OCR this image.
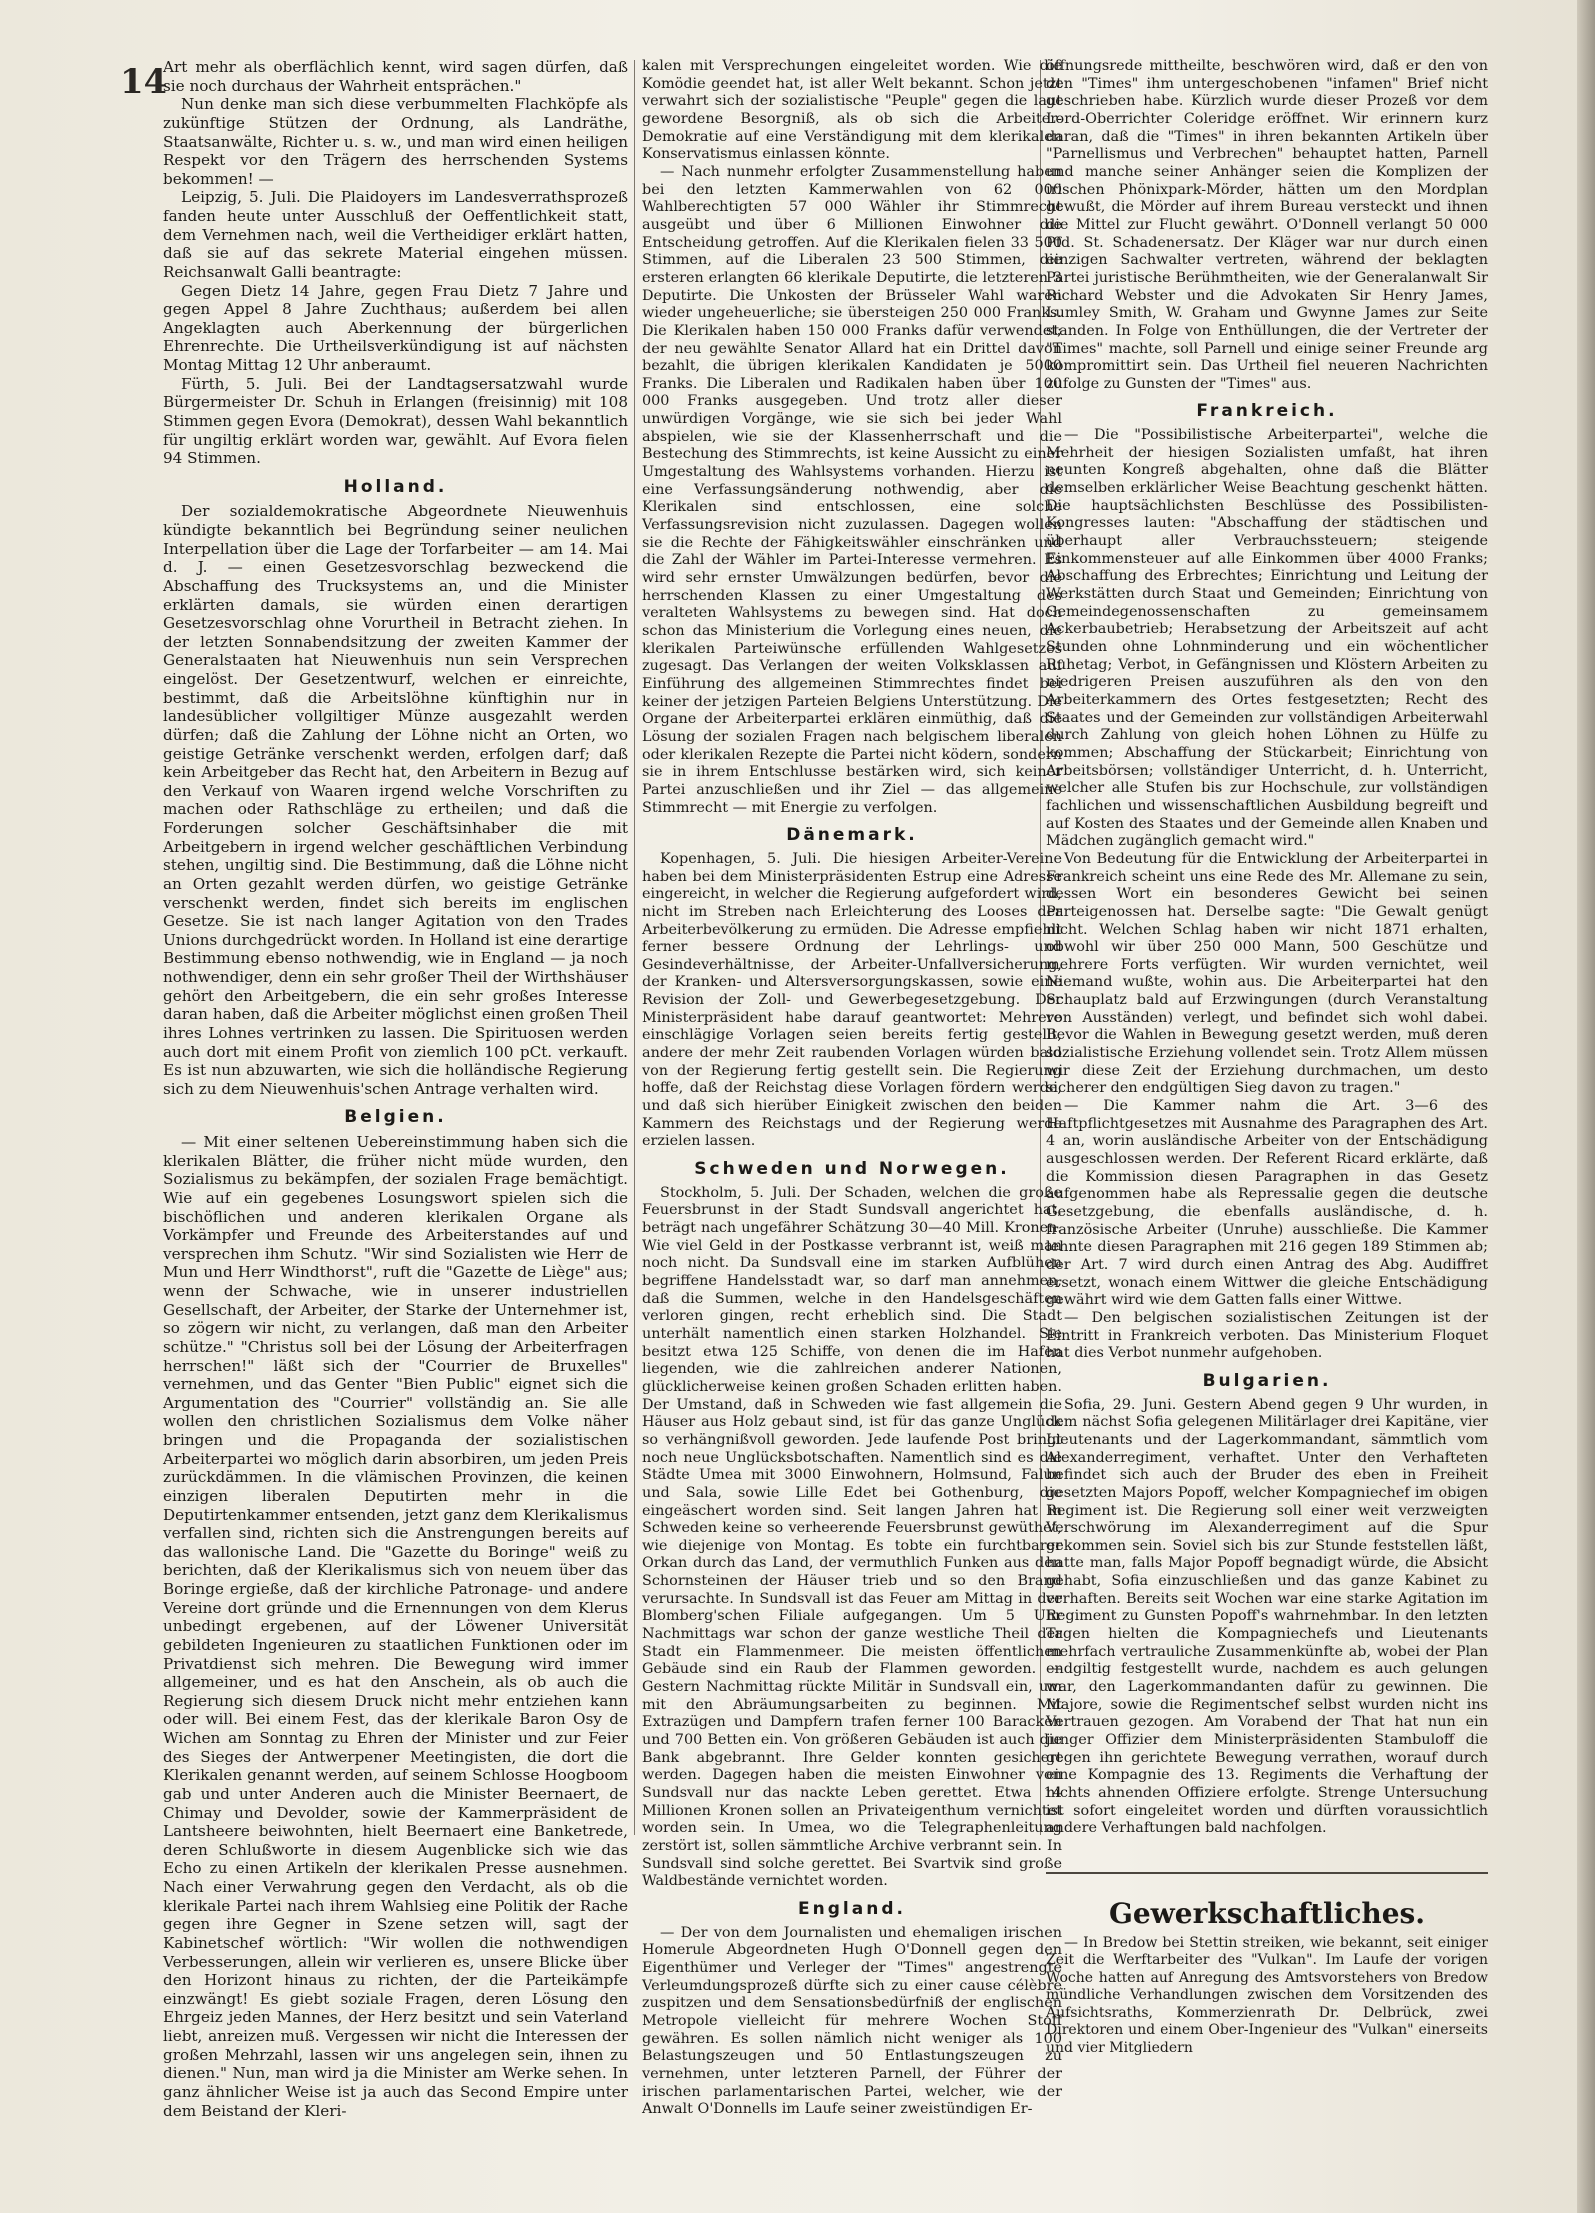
14

Art mehr als oberflächlich kennt, wird sagen dürfen, daß sie noch durchaus der Wahrheit entsprächen."

Nun denke man sich diese verbummelten Flachköpfe als zukünftige Stützen der Ordnung, als Landräthe, Staatsanwälte, Richter u. s. w., und man wird einen heiligen Respekt vor den Trägern des herrschenden Systems bekommen! —

Leipzig, 5. Juli. Die Plaidoyers im Landesverrathsprozeß fanden heute unter Ausschluß der Oeffentlichkeit statt, dem Vernehmen nach, weil die Vertheidiger erklärt hatten, daß sie auf das sekrete Material eingehen müssen. Reichsanwalt Galli beantragte:

Gegen Dietz 14 Jahre, gegen Frau Dietz 7 Jahre und gegen Appel 8 Jahre Zuchthaus; außerdem bei allen Angeklagten auch Aberkennung der bürgerlichen Ehrenrechte. Die Urtheilsverkündigung ist auf nächsten Montag Mittag 12 Uhr anberaumt.

Fürth, 5. Juli. Bei der Landtagsersatzwahl wurde Bürgermeister Dr. Schuh in Erlangen (freisinnig) mit 108 Stimmen gegen Evora (Demokrat), dessen Wahl bekanntlich für ungiltig erklärt worden war, gewählt. Auf Evora fielen 94 Stimmen.

Holland.

Der sozialdemokratische Abgeordnete Nieuwenhuis kündigte bekanntlich bei Begründung seiner neulichen Interpellation über die Lage der Torfarbeiter — am 14. Mai d. J. — einen Gesetzesvorschlag bezweckend die Abschaffung des Trucksystems an, und die Minister erklärten damals, sie würden einen derartigen Gesetzesvorschlag ohne Vorurtheil in Betracht ziehen. In der letzten Sonnabendsitzung der zweiten Kammer der Generalstaaten hat Nieuwenhuis nun sein Versprechen eingelöst. Der Gesetzentwurf, welchen er einreichte, bestimmt, daß die Arbeitslöhne künftighin nur in landesüblicher vollgiltiger Münze ausgezahlt werden dürfen; daß die Zahlung der Löhne nicht an Orten, wo geistige Getränke verschenkt werden, erfolgen darf; daß kein Arbeitgeber das Recht hat, den Arbeitern in Bezug auf den Verkauf von Waaren irgend welche Vorschriften zu machen oder Rathschläge zu ertheilen; und daß die Forderungen solcher Geschäftsinhaber die mit Arbeitgebern in irgend welcher geschäftlichen Verbindung stehen, ungiltig sind. Die Bestimmung, daß die Löhne nicht an Orten gezahlt werden dürfen, wo geistige Getränke verschenkt werden, findet sich bereits im englischen Gesetze. Sie ist nach langer Agitation von den Trades Unions durchgedrückt worden. In Holland ist eine derartige Bestimmung ebenso nothwendig, wie in England — ja noch nothwendiger, denn ein sehr großer Theil der Wirthshäuser gehört den Arbeitgebern, die ein sehr großes Interesse daran haben, daß die Arbeiter möglichst einen großen Theil ihres Lohnes vertrinken zu lassen. Die Spirituosen werden auch dort mit einem Profit von ziemlich 100 pCt. verkauft. Es ist nun abzuwarten, wie sich die holländische Regierung sich zu dem Nieuwenhuis'schen Antrage verhalten wird.

Belgien.

— Mit einer seltenen Uebereinstimmung haben sich die klerikalen Blätter, die früher nicht müde wurden, den Sozialismus zu bekämpfen, der sozialen Frage bemächtigt. Wie auf ein gegebenes Losungswort spielen sich die bischöflichen und anderen klerikalen Organe als Vorkämpfer und Freunde des Arbeiterstandes auf und versprechen ihm Schutz. "Wir sind Sozialisten wie Herr de Mun und Herr Windthorst", ruft die "Gazette de Liège" aus; wenn der Schwache, wie in unserer industriellen Gesellschaft, der Arbeiter, der Starke der Unternehmer ist, so zögern wir nicht, zu verlangen, daß man den Arbeiter schütze." "Christus soll bei der Lösung der Arbeiterfragen herrschen!" läßt sich der "Courrier de Bruxelles" vernehmen, und das Genter "Bien Public" eignet sich die Argumentation des "Courrier" vollständig an. Sie alle wollen den christlichen Sozialismus dem Volke näher bringen und die Propaganda der sozialistischen Arbeiterpartei wo möglich darin absorbiren, um jeden Preis zurückdämmen. In die vlämischen Provinzen, die keinen einzigen liberalen Deputirten mehr in die Deputirtenkammer entsenden, jetzt ganz dem Klerikalismus verfallen sind, richten sich die Anstrengungen bereits auf das wallonische Land. Die "Gazette du Boringe" weiß zu berichten, daß der Klerikalismus sich von neuem über das Boringe ergieße, daß der kirchliche Patronage- und andere Vereine dort gründe und die Ernennungen von dem Klerus unbedingt ergebenen, auf der Löwener Universität gebildeten Ingenieuren zu staatlichen Funktionen oder im Privatdienst sich mehren. Die Bewegung wird immer allgemeiner, und es hat den Anschein, als ob auch die Regierung sich diesem Druck nicht mehr entziehen kann oder will. Bei einem Fest, das der klerikale Baron Osy de Wichen am Sonntag zu Ehren der Minister und zur Feier des Sieges der Antwerpener Meetingisten, die dort die Klerikalen genannt werden, auf seinem Schlosse Hoogboom gab und unter Anderen auch die Minister Beernaert, de Chimay und Devolder, sowie der Kammerpräsident de Lantsheere beiwohnten, hielt Beernaert eine Banketrede, deren Schlußworte in diesem Augenblicke sich wie das Echo zu einen Artikeln der klerikalen Presse ausnehmen. Nach einer Verwahrung gegen den Verdacht, als ob die klerikale Partei nach ihrem Wahlsieg eine Politik der Rache gegen ihre Gegner in Szene setzen will, sagt der Kabinetschef wörtlich: "Wir wollen die nothwendigen Verbesserungen, allein wir verlieren es, unsere Blicke über den Horizont hinaus zu richten, der die Parteikämpfe einzwängt! Es giebt soziale Fragen, deren Lösung den Ehrgeiz jeden Mannes, der Herz besitzt und sein Vaterland liebt, anreizen muß. Vergessen wir nicht die Interessen der großen Mehrzahl, lassen wir uns angelegen sein, ihnen zu dienen." Nun, man wird ja die Minister am Werke sehen. In ganz ähnlicher Weise ist ja auch das Second Empire unter dem Beistand der Kleri-

kalen mit Versprechungen eingeleitet worden. Wie die Komödie geendet hat, ist aller Welt bekannt. Schon jetzt verwahrt sich der sozialistische "Peuple" gegen die laut gewordene Besorgniß, als ob sich die Arbeiter-Demokratie auf eine Verständigung mit dem klerikalen Konservatismus einlassen könnte.

— Nach nunmehr erfolgter Zusammenstellung haben bei den letzten Kammerwahlen von 62 000 Wahlberechtigten 57 000 Wähler ihr Stimmrecht ausgeübt und über 6 Millionen Einwohner die Entscheidung getroffen. Auf die Klerikalen fielen 33 500 Stimmen, auf die Liberalen 23 500 Stimmen, die ersteren erlangten 66 klerikale Deputirte, die letzteren 3 Deputirte. Die Unkosten der Brüsseler Wahl waren wieder ungeheuerliche; sie übersteigen 250 000 Franks. Die Klerikalen haben 150 000 Franks dafür verwendet; der neu gewählte Senator Allard hat ein Drittel davon bezahlt, die übrigen klerikalen Kandidaten je 5000 Franks. Die Liberalen und Radikalen haben über 100 000 Franks ausgegeben. Und trotz aller dieser unwürdigen Vorgänge, wie sie sich bei jeder Wahl abspielen, wie sie der Klassenherrschaft und die Bestechung des Stimmrechts, ist keine Aussicht zu einer Umgestaltung des Wahlsystems vorhanden. Hierzu ist eine Verfassungsänderung nothwendig, aber die Klerikalen sind entschlossen, eine solche Verfassungsrevision nicht zuzulassen. Dagegen wollen sie die Rechte der Fähigkeitswähler einschränken und die Zahl der Wähler im Partei-Interesse vermehren. Es wird sehr ernster Umwälzungen bedürfen, bevor die herrschenden Klassen zu einer Umgestaltung des veralteten Wahlsystems zu bewegen sind. Hat doch schon das Ministerium die Vorlegung eines neuen, die klerikalen Parteiwünsche erfüllenden Wahlgesetzes zugesagt. Das Verlangen der weiten Volksklassen auf Einführung des allgemeinen Stimmrechtes findet bei keiner der jetzigen Parteien Belgiens Unterstützung. Die Organe der Arbeiterpartei erklären einmüthig, daß die Lösung der sozialen Fragen nach belgischem liberalen oder klerikalen Rezepte die Partei nicht ködern, sondern sie in ihrem Entschlusse bestärken wird, sich keiner Partei anzuschließen und ihr Ziel — das allgemeine Stimmrecht — mit Energie zu verfolgen.

Dänemark.

Kopenhagen, 5. Juli. Die hiesigen Arbeiter-Vereine haben bei dem Ministerpräsidenten Estrup eine Adresse eingereicht, in welcher die Regierung aufgefordert wird, nicht im Streben nach Erleichterung des Looses der Arbeiterbevölkerung zu ermüden. Die Adresse empfiehlt ferner bessere Ordnung der Lehrlings- und Gesindeverhältnisse, der Arbeiter-Unfallversicherung, der Kranken- und Altersversorgungskassen, sowie eine Revision der Zoll- und Gewerbegesetzgebung. Der Ministerpräsident habe darauf geantwortet: Mehrere einschlägige Vorlagen seien bereits fertig gestellt, andere der mehr Zeit raubenden Vorlagen würden bald von der Regierung fertig gestellt sein. Die Regierung hoffe, daß der Reichstag diese Vorlagen fördern werde, und daß sich hierüber Einigkeit zwischen den beiden Kammern des Reichstags und der Regierung werde erzielen lassen.

Schweden und Norwegen.

Stockholm, 5. Juli. Der Schaden, welchen die große Feuersbrunst in der Stadt Sundsvall angerichtet hat, beträgt nach ungefährer Schätzung 30—40 Mill. Kronen. Wie viel Geld in der Postkasse verbrannt ist, weiß man noch nicht. Da Sundsvall eine im starken Aufblühen begriffene Handelsstadt war, so darf man annehmen, daß die Summen, welche in den Handelsgeschäften verloren gingen, recht erheblich sind. Die Stadt unterhält namentlich einen starken Holzhandel. Sie besitzt etwa 125 Schiffe, von denen die im Hafen liegenden, wie die zahlreichen anderer Nationen, glücklicherweise keinen großen Schaden erlitten haben. Der Umstand, daß in Schweden wie fast allgemein die Häuser aus Holz gebaut sind, ist für das ganze Unglück so verhängnißvoll geworden. Jede laufende Post bringt noch neue Unglücksbotschaften. Namentlich sind es die Städte Umea mit 3000 Einwohnern, Holmsund, Falun und Sala, sowie Lille Edet bei Gothenburg, die eingeäschert worden sind. Seit langen Jahren hat in Schweden keine so verheerende Feuersbrunst gewüthet, wie diejenige von Montag. Es tobte ein furchtbarer Orkan durch das Land, der vermuthlich Funken aus den Schornsteinen der Häuser trieb und so den Brand verursachte. In Sundsvall ist das Feuer am Mittag in der Blomberg'schen Filiale aufgegangen. Um 5 Uhr Nachmittags war schon der ganze westliche Theil der Stadt ein Flammenmeer. Die meisten öffentlichen Gebäude sind ein Raub der Flammen geworden. — Gestern Nachmittag rückte Militär in Sundsvall ein, um mit den Abräumungsarbeiten zu beginnen. Mit Extrazügen und Dampfern trafen ferner 100 Baracken und 700 Betten ein. Von größeren Gebäuden ist auch die Bank abgebrannt. Ihre Gelder konnten gesichert werden. Dagegen haben die meisten Einwohner von Sundsvall nur das nackte Leben gerettet. Etwa 14 Millionen Kronen sollen an Privateigenthum vernichtet worden sein. In Umea, wo die Telegraphenleitung zerstört ist, sollen sämmtliche Archive verbrannt sein. In Sundsvall sind solche gerettet. Bei Svartvik sind große Waldbestände vernichtet worden.

England.

— Der von dem Journalisten und ehemaligen irischen Homerule Abgeordneten Hugh O'Donnell gegen den Eigenthümer und Verleger der "Times" angestrengte Verleumdungsprozeß dürfte sich zu einer cause célèbre zuspitzen und dem Sensationsbedürfniß der englischen Metropole vielleicht für mehrere Wochen Stoff gewähren. Es sollen nämlich nicht weniger als 100 Belastungszeugen und 50 Entlastungszeugen zu vernehmen, unter letzteren Parnell, der Führer der irischen parlamentarischen Partei, welcher, wie der Anwalt O'Donnells im Laufe seiner zweistündigen Er-

öffnungsrede mittheilte, beschwören wird, daß er den von den "Times" ihm untergeschobenen "infamen" Brief nicht geschrieben habe. Kürzlich wurde dieser Prozeß vor dem Lord-Oberrichter Coleridge eröffnet. Wir erinnern kurz daran, daß die "Times" in ihren bekannten Artikeln über "Parnellismus und Verbrechen" behauptet hatten, Parnell und manche seiner Anhänger seien die Komplizen der irischen Phönixpark-Mörder, hätten um den Mordplan gewußt, die Mörder auf ihrem Bureau versteckt und ihnen die Mittel zur Flucht gewährt. O'Donnell verlangt 50 000 Pfd. St. Schadenersatz. Der Kläger war nur durch einen einzigen Sachwalter vertreten, während der beklagten Partei juristische Berühmtheiten, wie der Generalanwalt Sir Richard Webster und die Advokaten Sir Henry James, Lumley Smith, W. Graham und Gwynne James zur Seite standen. In Folge von Enthüllungen, die der Vertreter der "Times" machte, soll Parnell und einige seiner Freunde arg kompromittirt sein. Das Urtheil fiel neueren Nachrichten zufolge zu Gunsten der "Times" aus.

Frankreich.

— Die "Possibilistische Arbeiterpartei", welche die Mehrheit der hiesigen Sozialisten umfaßt, hat ihren neunten Kongreß abgehalten, ohne daß die Blätter demselben erklärlicher Weise Beachtung geschenkt hätten. Die hauptsächlichsten Beschlüsse des Possibilisten-Kongresses lauten: "Abschaffung der städtischen und überhaupt aller Verbrauchssteuern; steigende Einkommensteuer auf alle Einkommen über 4000 Franks; Abschaffung des Erbrechtes; Einrichtung und Leitung der Werkstätten durch Staat und Gemeinden; Einrichtung von Gemeindegenossenschaften zu gemeinsamem Ackerbaubetrieb; Herabsetzung der Arbeitszeit auf acht Stunden ohne Lohnminderung und ein wöchentlicher Ruhetag; Verbot, in Gefängnissen und Klöstern Arbeiten zu niedrigeren Preisen auszuführen als den von den Arbeiterkammern des Ortes festgesetzten; Recht des Staates und der Gemeinden zur vollständigen Arbeiterwahl durch Zahlung von gleich hohen Löhnen zu Hülfe zu kommen; Abschaffung der Stückarbeit; Einrichtung von Arbeitsbörsen; vollständiger Unterricht, d. h. Unterricht, welcher alle Stufen bis zur Hochschule, zur vollständigen fachlichen und wissenschaftlichen Ausbildung begreift und auf Kosten des Staates und der Gemeinde allen Knaben und Mädchen zugänglich gemacht wird."

Von Bedeutung für die Entwicklung der Arbeiterpartei in Frankreich scheint uns eine Rede des Mr. Allemane zu sein, dessen Wort ein besonderes Gewicht bei seinen Parteigenossen hat. Derselbe sagte: "Die Gewalt genügt nicht. Welchen Schlag haben wir nicht 1871 erhalten, obwohl wir über 250 000 Mann, 500 Geschütze und mehrere Forts verfügten. Wir wurden vernichtet, weil Niemand wußte, wohin aus. Die Arbeiterpartei hat den Schauplatz bald auf Erzwingungen (durch Veranstaltung von Ausständen) verlegt, und befindet sich wohl dabei. Bevor die Wahlen in Bewegung gesetzt werden, muß deren sozialistische Erziehung vollendet sein. Trotz Allem müssen wir diese Zeit der Erziehung durchmachen, um desto sicherer den endgültigen Sieg davon zu tragen."

— Die Kammer nahm die Art. 3—6 des Haftpflichtgesetzes mit Ausnahme des Paragraphen des Art. 4 an, worin ausländische Arbeiter von der Entschädigung ausgeschlossen werden. Der Referent Ricard erklärte, daß die Kommission diesen Paragraphen in das Gesetz aufgenommen habe als Repressalie gegen die deutsche Gesetzgebung, die ebenfalls ausländische, d. h. französische Arbeiter (Unruhe) ausschließe. Die Kammer lehnte diesen Paragraphen mit 216 gegen 189 Stimmen ab; der Art. 7 wird durch einen Antrag des Abg. Audiffret ersetzt, wonach einem Wittwer die gleiche Entschädigung gewährt wird wie dem Gatten falls einer Wittwe.

— Den belgischen sozialistischen Zeitungen ist der Eintritt in Frankreich verboten. Das Ministerium Floquet hat dies Verbot nunmehr aufgehoben.

Bulgarien.

Sofia, 29. Juni. Gestern Abend gegen 9 Uhr wurden, in dem nächst Sofia gelegenen Militärlager drei Kapitäne, vier Lieutenants und der Lagerkommandant, sämmtlich vom Alexanderregiment, verhaftet. Unter den Verhafteten befindet sich auch der Bruder des eben in Freiheit gesetzten Majors Popoff, welcher Kompagniechef im obigen Regiment ist. Die Regierung soll einer weit verzweigten Verschwörung im Alexanderregiment auf die Spur gekommen sein. Soviel sich bis zur Stunde feststellen läßt, hatte man, falls Major Popoff begnadigt würde, die Absicht gehabt, Sofia einzuschließen und das ganze Kabinet zu verhaften. Bereits seit Wochen war eine starke Agitation im Regiment zu Gunsten Popoff's wahrnehmbar. In den letzten Tagen hielten die Kompagniechefs und Lieutenants mehrfach vertrauliche Zusammenkünfte ab, wobei der Plan endgiltig festgestellt wurde, nachdem es auch gelungen war, den Lagerkommandanten dafür zu gewinnen. Die Majore, sowie die Regimentschef selbst wurden nicht ins Vertrauen gezogen. Am Vorabend der That hat nun ein junger Offizier dem Ministerpräsidenten Stambuloff die gegen ihn gerichtete Bewegung verrathen, worauf durch eine Kompagnie des 13. Regiments die Verhaftung der nichts ahnenden Offiziere erfolgte. Strenge Untersuchung ist sofort eingeleitet worden und dürften voraussichtlich andere Verhaftungen bald nachfolgen.

Gewerkschaftliches.

— In Bredow bei Stettin streiken, wie bekannt, seit einiger Zeit die Werftarbeiter des "Vulkan". Im Laufe der vorigen Woche hatten auf Anregung des Amtsvorstehers von Bredow mündliche Verhandlungen zwischen dem Vorsitzenden des Aufsichtsraths, Kommerzienrath Dr. Delbrück, zwei Direktoren und einem Ober-Ingenieur des "Vulkan" einerseits und vier Mitgliedern
